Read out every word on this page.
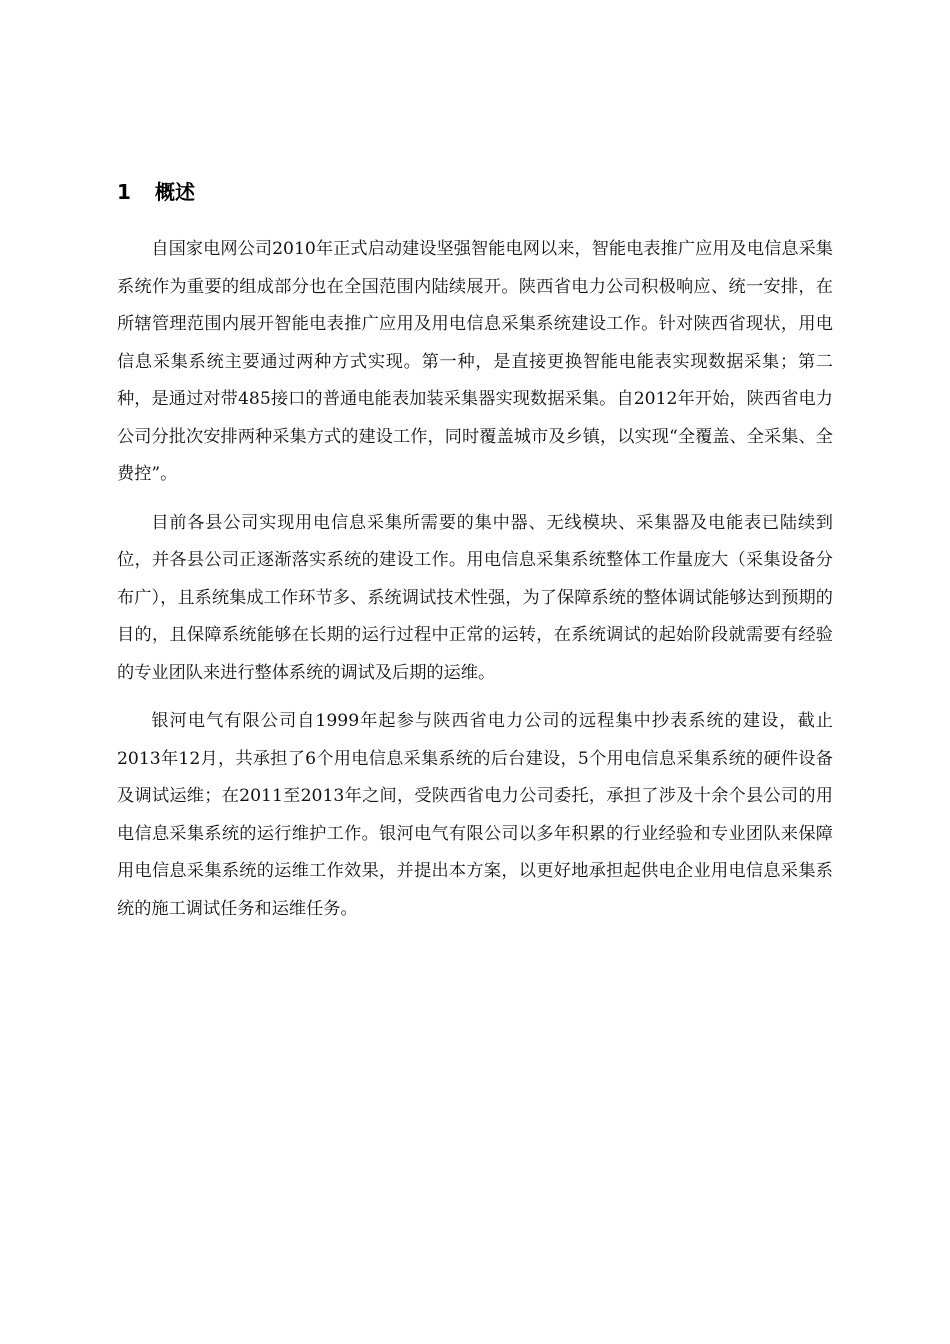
1 概述

自国家电网公司2010年正式启动建设坚强智能电网以来，智能电表推广应用及电信息采集系统作为重要的组成部分也在全国范围内陆续展开。陕西省电力公司积极响应、统一安排，在所辖管理范围内展开智能电表推广应用及用电信息采集系统建设工作。针对陕西省现状，用电信息采集系统主要通过两种方式实现。第一种，是直接更换智能电能表实现数据采集；第二种，是通过对带485接口的普通电能表加装采集器实现数据采集。自2012年开始，陕西省电力公司分批次安排两种采集方式的建设工作，同时覆盖城市及乡镇，以实现“全覆盖、全采集、全费控”。

目前各县公司实现用电信息采集所需要的集中器、无线模块、采集器及电能表已陆续到位，并各县公司正逐渐落实系统的建设工作。用电信息采集系统整体工作量庞大（采集设备分布广），且系统集成工作环节多、系统调试技术性强，为了保障系统的整体调试能够达到预期的目的，且保障系统能够在长期的运行过程中正常的运转，在系统调试的起始阶段就需要有经验的专业团队来进行整体系统的调试及后期的运维。

银河电气有限公司自1999年起参与陕西省电力公司的远程集中抄表系统的建设，截止2013年12月，共承担了6个用电信息采集系统的后台建设，5个用电信息采集系统的硬件设备及调试运维；在2011至2013年之间，受陕西省电力公司委托，承担了涉及十余个县公司的用电信息采集系统的运行维护工作。银河电气有限公司以多年积累的行业经验和专业团队来保障用电信息采集系统的运维工作效果，并提出本方案，以更好地承担起供电企业用电信息采集系统的施工调试任务和运维任务。
